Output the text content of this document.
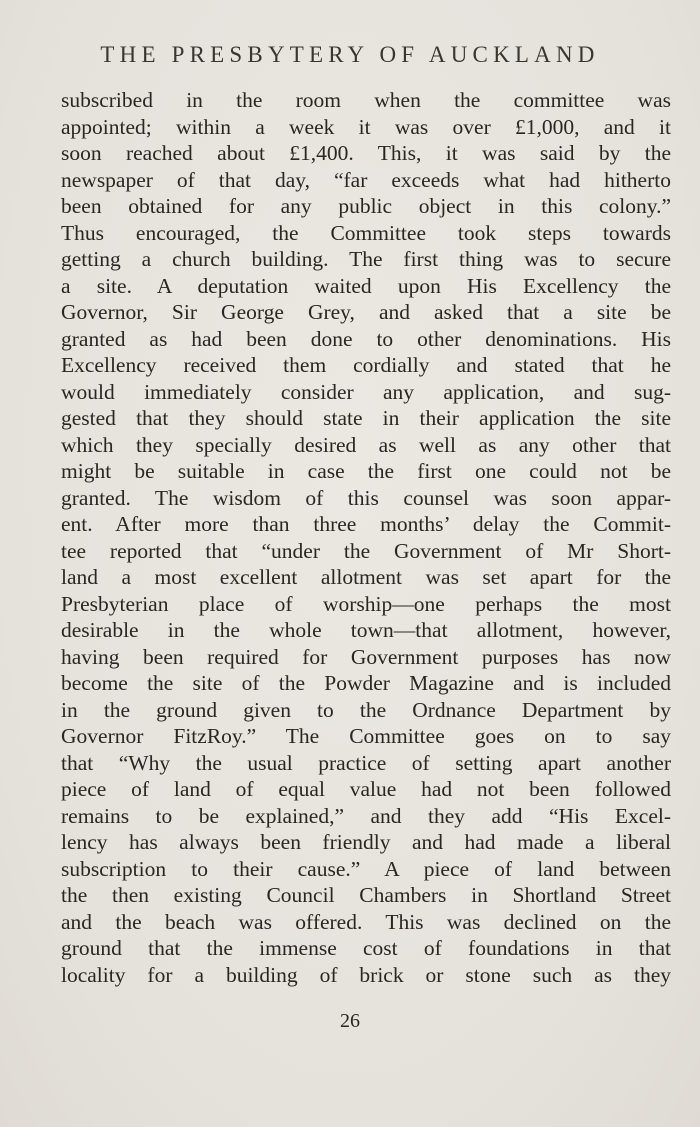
THE PRESBYTERY OF AUCKLAND
subscribed in the room when the committee was
appointed; within a week it was over £1,000, and it
soon reached about £1,400. This, it was said by the
newspaper of that day, “far exceeds what had hitherto
been obtained for any public object in this colony.”
Thus encouraged, the Committee took steps towards
getting a church building. The first thing was to secure
a site. A deputation waited upon His Excellency the
Governor, Sir George Grey, and asked that a site be
granted as had been done to other denominations. His
Excellency received them cordially and stated that he
would immediately consider any application, and sug-
gested that they should state in their application the site
which they specially desired as well as any other that
might be suitable in case the first one could not be
granted. The wisdom of this counsel was soon appar-
ent. After more than three months’ delay the Commit-
tee reported that “under the Government of Mr Short-
land a most excellent allotment was set apart for the
Presbyterian place of worship—one perhaps the most
desirable in the whole town—that allotment, however,
having been required for Government purposes has now
become the site of the Powder Magazine and is included
in the ground given to the Ordnance Department by
Governor FitzRoy.” The Committee goes on to say
that “Why the usual practice of setting apart another
piece of land of equal value had not been followed
remains to be explained,” and they add “His Excel-
lency has always been friendly and had made a liberal
subscription to their cause.” A piece of land between
the then existing Council Chambers in Shortland Street
and the beach was offered. This was declined on the
ground that the immense cost of foundations in that
locality for a building of brick or stone such as they
26
